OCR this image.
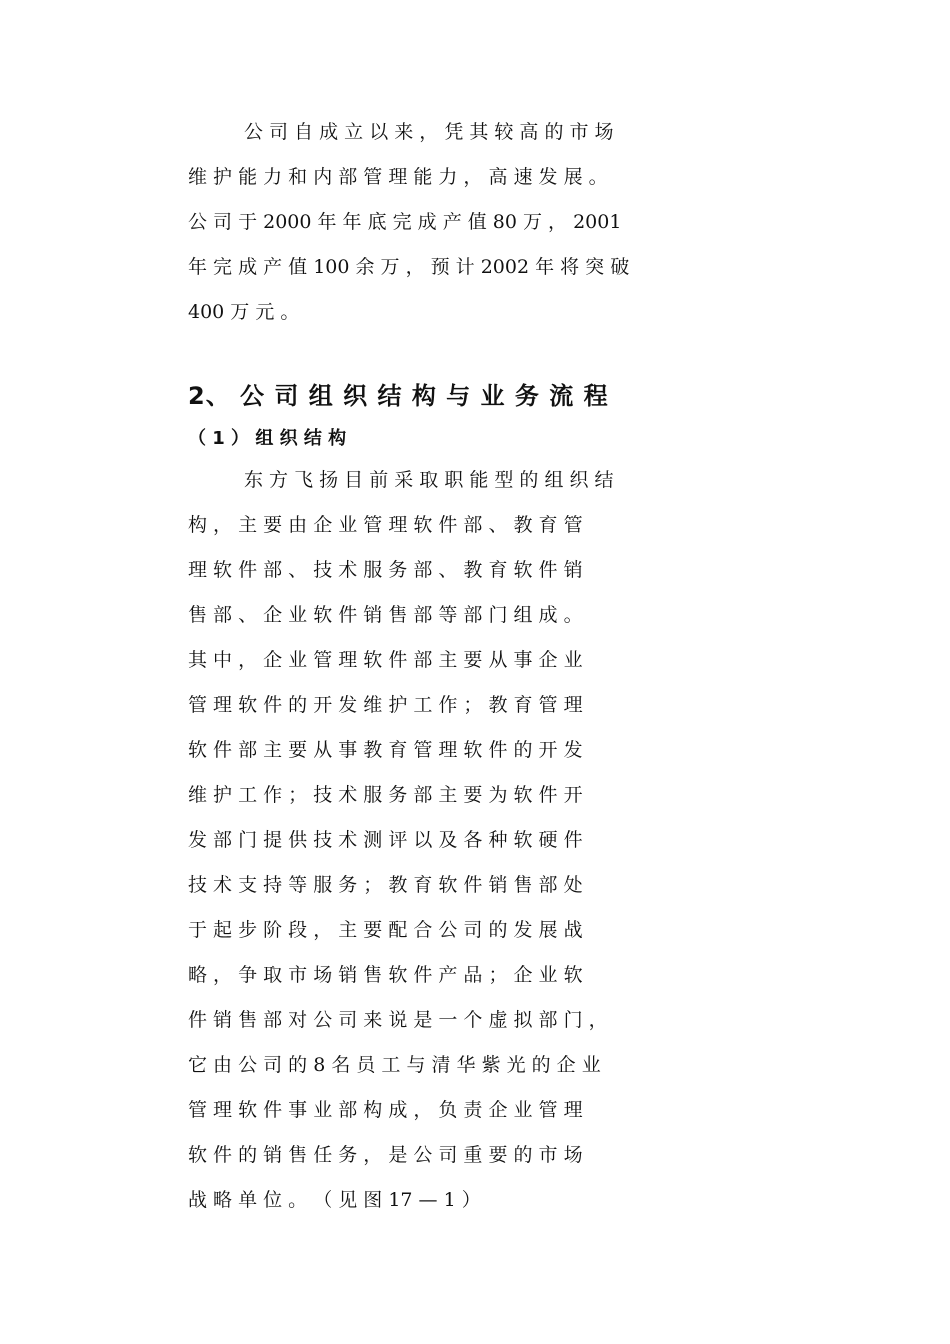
公 司 自 成 立 以 来 ， 凭 其 较 高 的 市 场
维 护 能 力 和 内 部 管 理 能 力 ， 高 速 发 展 。
公 司 于 2000 年 年 底 完 成 产 值 80 万 ， 2001
年 完 成 产 值 100 余 万 ， 预 计 2002 年 将 突 破
400 万 元 。
2、 公 司 组 织 结 构 与 业 务 流 程
（ 1 ） 组 织 结 构
东 方 飞 扬 目 前 采 取 职 能 型 的 组 织 结
构 ， 主 要 由 企 业 管 理 软 件 部 、 教 育 管
理 软 件 部 、 技 术 服 务 部 、 教 育 软 件 销
售 部 、 企 业 软 件 销 售 部 等 部 门 组 成 。
其 中 ， 企 业 管 理 软 件 部 主 要 从 事 企 业
管 理 软 件 的 开 发 维 护 工 作 ； 教 育 管 理
软 件 部 主 要 从 事 教 育 管 理 软 件 的 开 发
维 护 工 作 ； 技 术 服 务 部 主 要 为 软 件 开
发 部 门 提 供 技 术 测 评 以 及 各 种 软 硬 件
技 术 支 持 等 服 务 ； 教 育 软 件 销 售 部 处
于 起 步 阶 段 ， 主 要 配 合 公 司 的 发 展 战
略 ， 争 取 市 场 销 售 软 件 产 品 ； 企 业 软
件 销 售 部 对 公 司 来 说 是 一 个 虚 拟 部 门 ，
它 由 公 司 的 8 名 员 工 与 清 华 紫 光 的 企 业
管 理 软 件 事 业 部 构 成 ， 负 责 企 业 管 理
软 件 的 销 售 任 务 ， 是 公 司 重 要 的 市 场
战 略 单 位 。 （ 见 图 17 — 1 ）
